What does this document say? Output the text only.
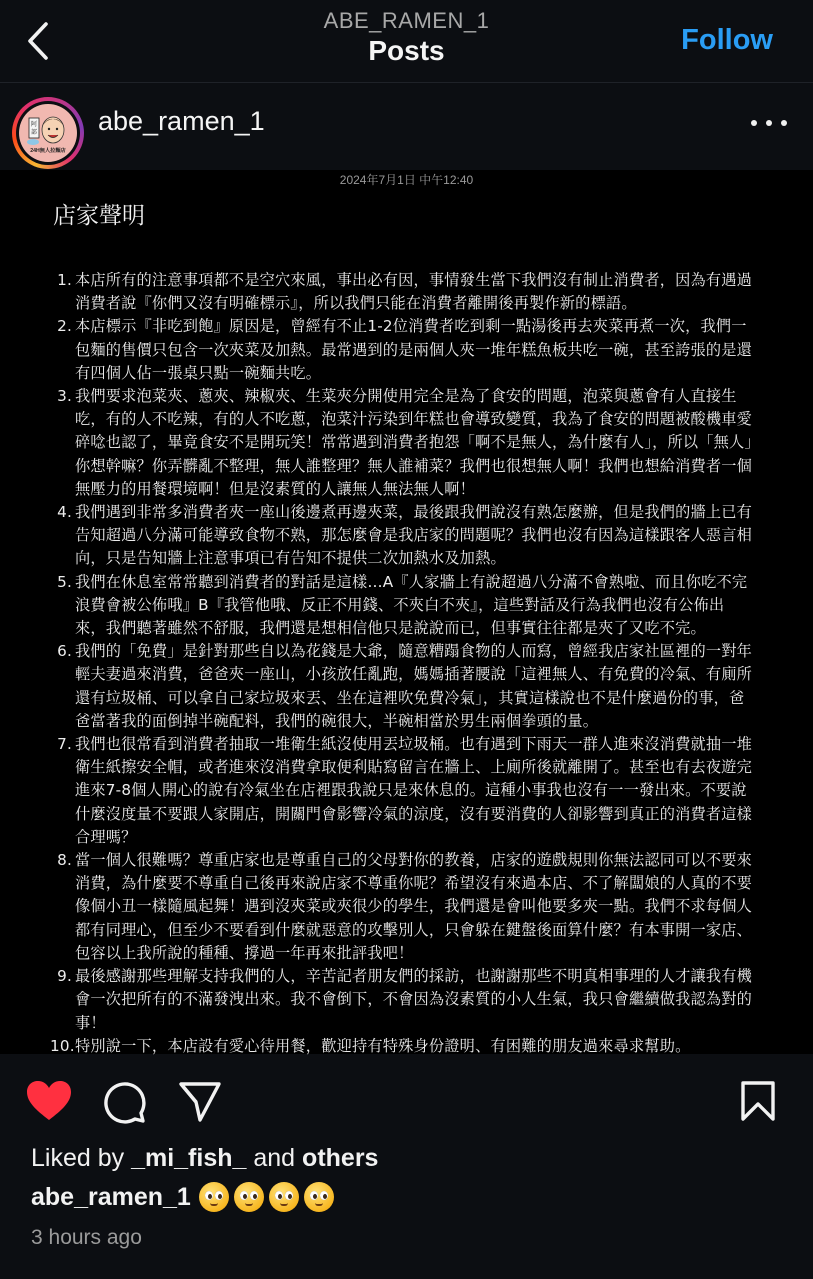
ABE_RAMEN_1
Posts	Follow
阿
部
24H無人拉麵店
abe_ramen_1
2024年7月1日 中午12:40
店家聲明
1. 本店所有的注意事項都不是空穴來風，事出必有因，事情發生當下我們沒有制止消費者，因為有遇過消費者說『你們又沒有明確標示』，所以我們只能在消費者離開後再製作新的標語。
2. 本店標示『非吃到飽』原因是，曾經有不止1-2位消費者吃到剩一點湯後再去夾菜再煮一次，我們一包麵的售價只包含一次夾菜及加熱。最常遇到的是兩個人夾一堆年糕魚板共吃一碗，甚至誇張的是還有四個人佔一張桌只點一碗麵共吃。
3. 我們要求泡菜夾、蔥夾、辣椒夾、生菜夾分開使用完全是為了食安的問題，泡菜與蔥會有人直接生吃，有的人不吃辣，有的人不吃蔥，泡菜汁污染到年糕也會導致變質，我為了食安的問題被酸機車愛碎唸也認了，畢竟食安不是開玩笑！常常遇到消費者抱怨「啊不是無人，為什麼有人」，所以「無人」你想幹嘛？你弄髒亂不整理，無人誰整理？無人誰補菜？我們也很想無人啊！我們也想給消費者一個無壓力的用餐環境啊！但是沒素質的人讓無人無法無人啊！
4. 我們遇到非常多消費者夾一座山後邊煮再邊夾菜，最後跟我們說沒有熟怎麼辦，但是我們的牆上已有告知超過八分滿可能導致食物不熟，那怎麼會是我店家的問題呢？我們也沒有因為這樣跟客人惡言相向，只是告知牆上注意事項已有告知不提供二次加熱水及加熱。
5. 我們在休息室常常聽到消費者的對話是這樣…A『人家牆上有說超過八分滿不會熟啦、而且你吃不完浪費會被公佈哦』B『我管他哦、反正不用錢、不夾白不夾』，這些對話及行為我們也沒有公佈出來，我們聽著雖然不舒服，我們還是想相信他只是說說而已，但事實往往都是夾了又吃不完。
6. 我們的「免費」是針對那些自以為花錢是大爺，隨意糟蹋食物的人而寫，曾經我店家社區裡的一對年輕夫妻過來消費，爸爸夾一座山，小孩放任亂跑，媽媽插著腰說「這裡無人、有免費的冷氣、有廁所還有垃圾桶、可以拿自己家垃圾來丟、坐在這裡吹免費冷氣」，其實這樣說也不是什麼過份的事，爸爸當著我的面倒掉半碗配料，我們的碗很大，半碗相當於男生兩個拳頭的量。
7. 我們也很常看到消費者抽取一堆衛生紙沒使用丟垃圾桶。也有遇到下雨天一群人進來沒消費就抽一堆衛生紙擦安全帽，或者進來沒消費拿取便利貼寫留言在牆上、上廁所後就離開了。甚至也有去夜遊完進來7-8個人開心的說有冷氣坐在店裡跟我說只是來休息的。這種小事我也沒有一一發出來。不要說什麼沒度量不要跟人家開店，開關門會影響冷氣的涼度，沒有要消費的人卻影響到真正的消費者這樣合理嗎？
8. 當一個人很難嗎？尊重店家也是尊重自己的父母對你的教養，店家的遊戲規則你無法認同可以不要來消費，為什麼要不尊重自己後再來說店家不尊重你呢？希望沒有來過本店、不了解闆娘的人真的不要像個小丑一樣隨風起舞！遇到沒夾菜或夾很少的學生，我們還是會叫他要多夾一點。我們不求每個人都有同理心，但至少不要看到什麼就惡意的攻擊別人，只會躲在鍵盤後面算什麼？有本事開一家店、包容以上我所說的種種、撐過一年再來批評我吧！
9. 最後感謝那些理解支持我們的人，辛苦記者朋友們的採訪，也謝謝那些不明真相事理的人才讓我有機會一次把所有的不滿發洩出來。我不會倒下，不會因為沒素質的小人生氣，我只會繼續做我認為對的事！
10. 特別說一下，本店設有愛心待用餐，歡迎持有特殊身份證明、有困難的朋友過來尋求幫助。
Liked by _mi_fish_ and others
abe_ramen_1
3 hours ago
